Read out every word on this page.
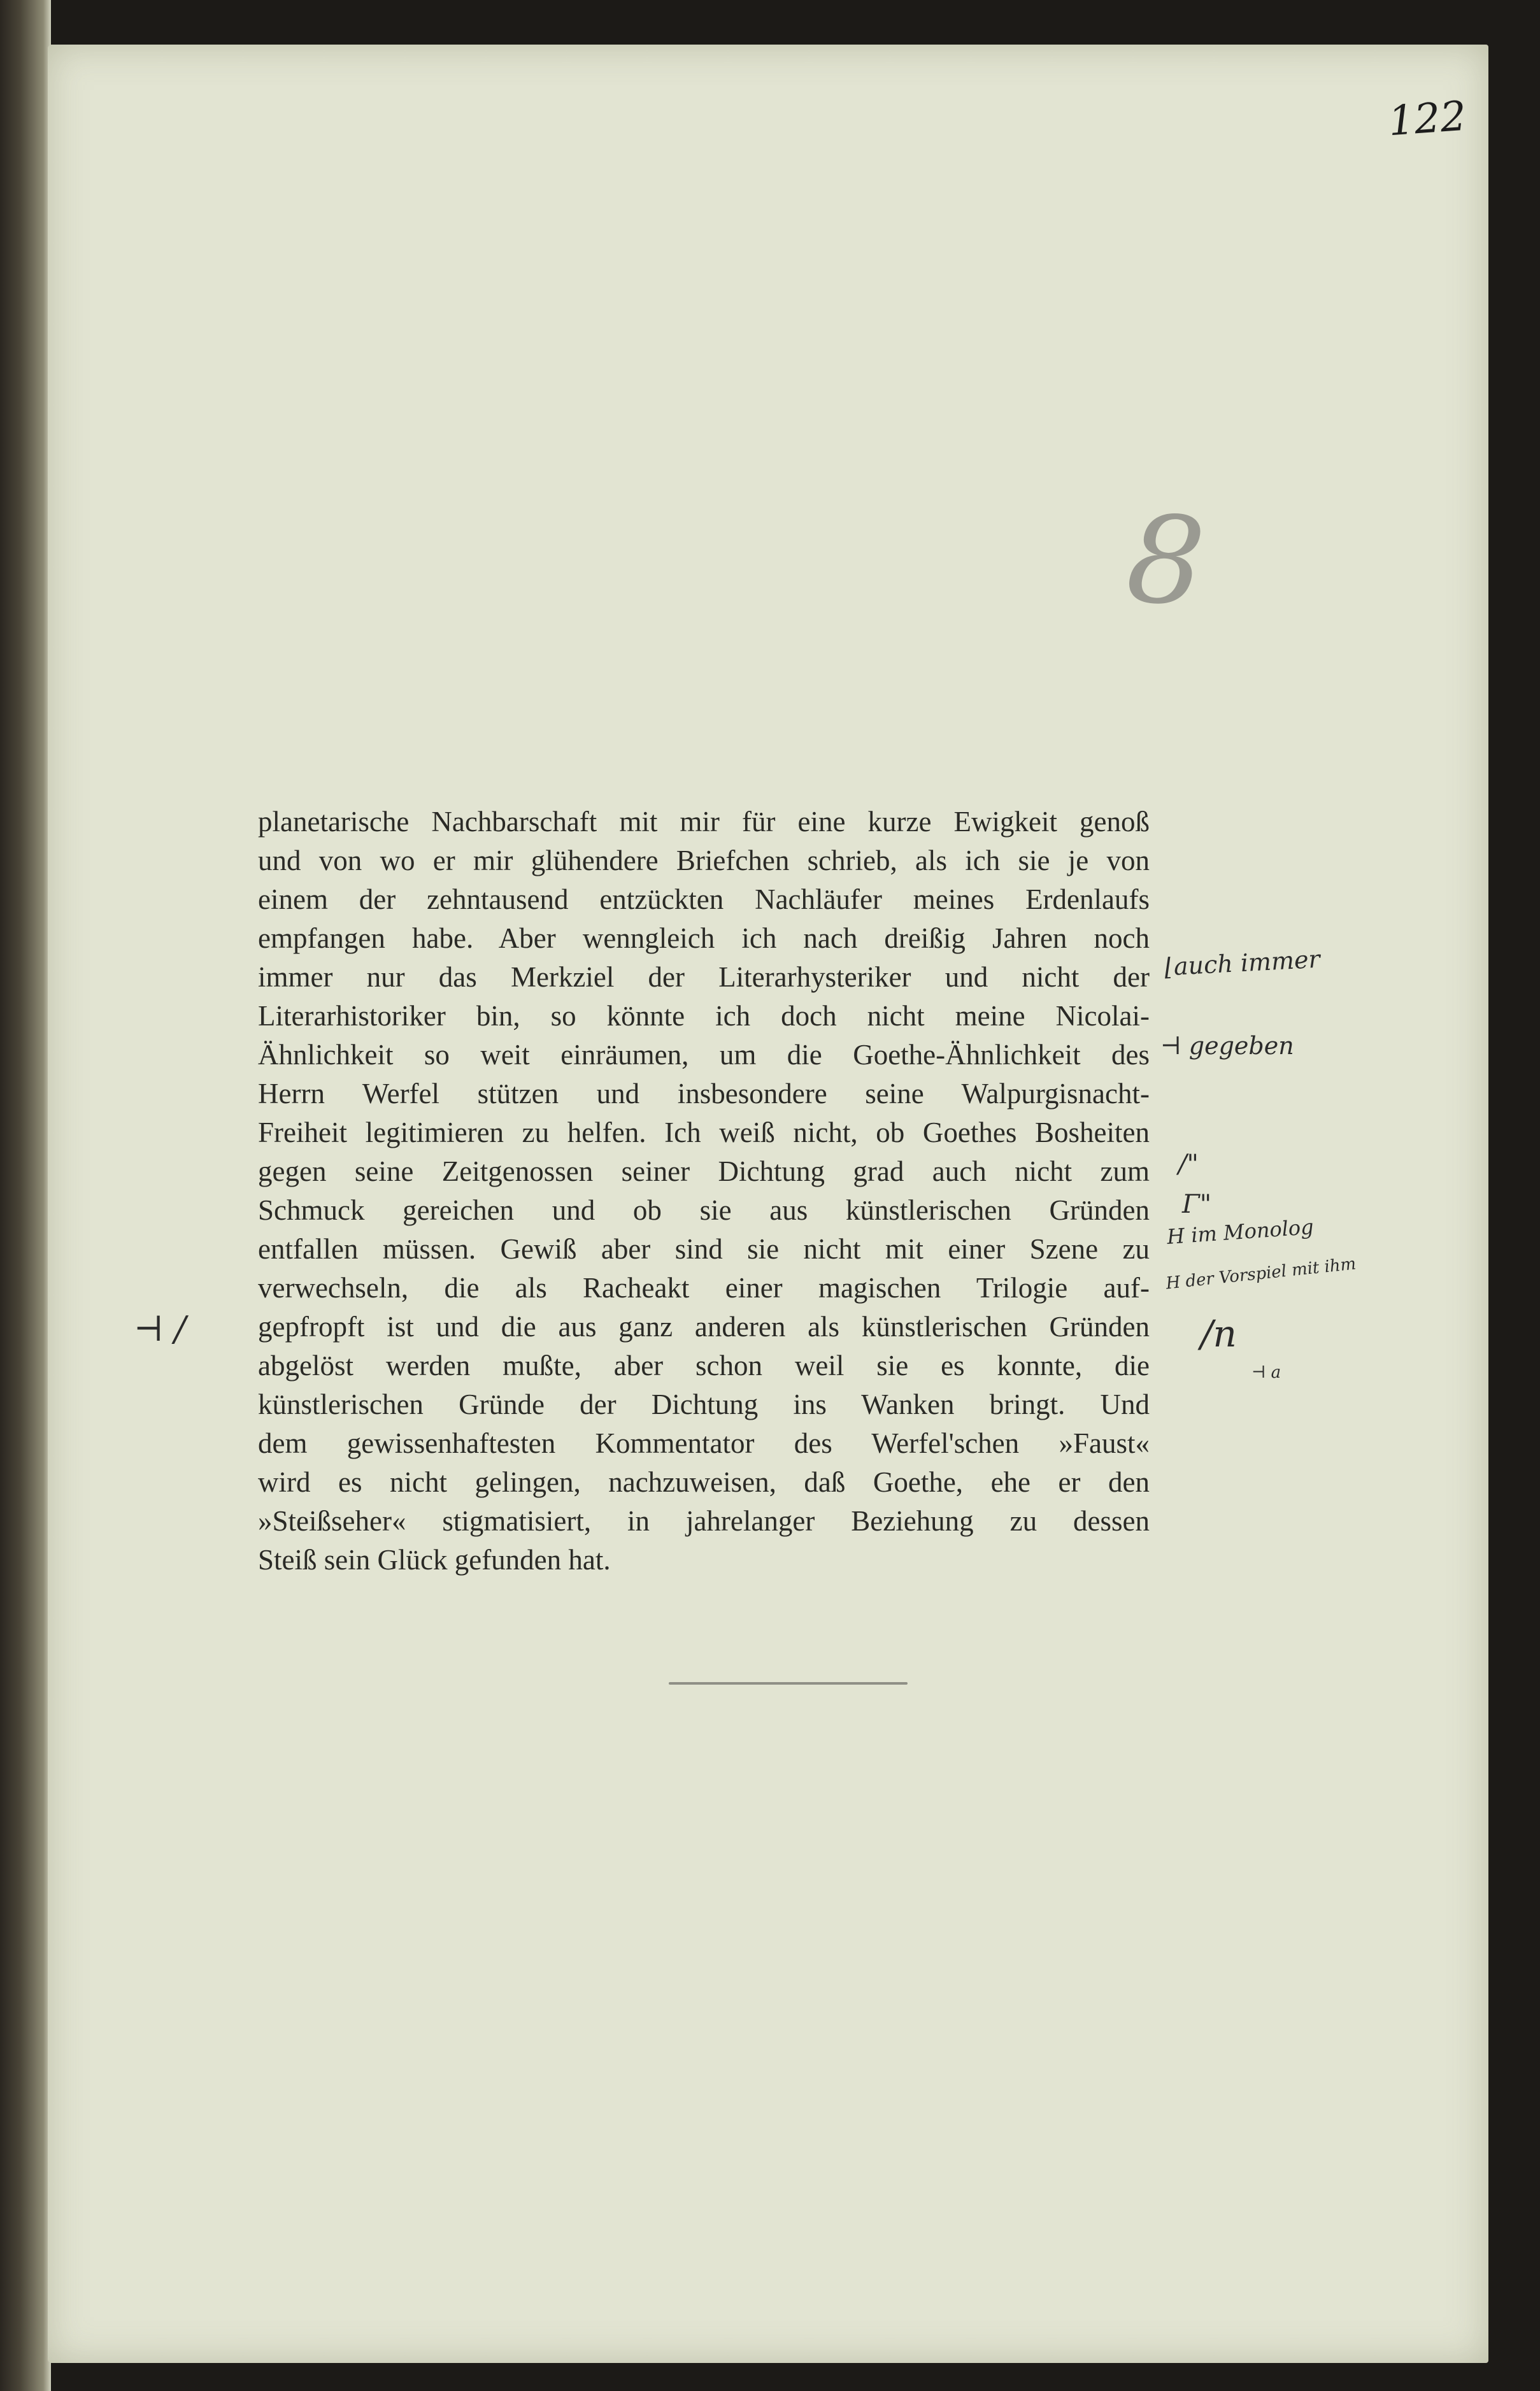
122
8
planetarische Nachbarschaft mit mir für eine kurze Ewigkeit genoß
und von wo er mir glühendere Briefchen schrieb, als ich sie je von
einem der zehntausend entzückten Nachläufer meines Erdenlaufs
empfangen habe. Aber wenngleich ich nach dreißig Jahren noch
immer nur das Merkziel der Literarhysteriker und nicht der
Literarhistoriker bin, so könnte ich doch nicht meine Nicolai-
Ähnlichkeit so weit einräumen, um die Goethe-Ähnlichkeit des
Herrn Werfel stützen und insbesondere seine Walpurgisnacht-
Freiheit legitimieren zu helfen. Ich weiß nicht, ob Goethes Bosheiten
gegen seine Zeitgenossen seiner Dichtung grad auch nicht zum
Schmuck gereichen und ob sie aus künstlerischen Gründen
entfallen müssen. Gewiß aber sind sie nicht mit einer Szene zu
verwechseln, die als Racheakt einer magischen Trilogie auf-
gepfropft ist und die aus ganz anderen als künstlerischen Gründen
abgelöst werden mußte, aber schon weil sie es konnte, die
künstlerischen Gründe der Dichtung ins Wanken bringt. Und
dem gewissenhaftesten Kommentator des Werfel'schen »Faust«
wird es nicht gelingen, nachzuweisen, daß Goethe, ehe er den
»Steißseher« stigmatisiert, in jahrelanger Beziehung zu dessen
Steiß sein Glück gefunden hat.
⌊auch immer
⊣ gegeben
/"
Γ"
H im Monolog
H der Vorspiel mit ihm
⊣ /	/n
⊣ a
